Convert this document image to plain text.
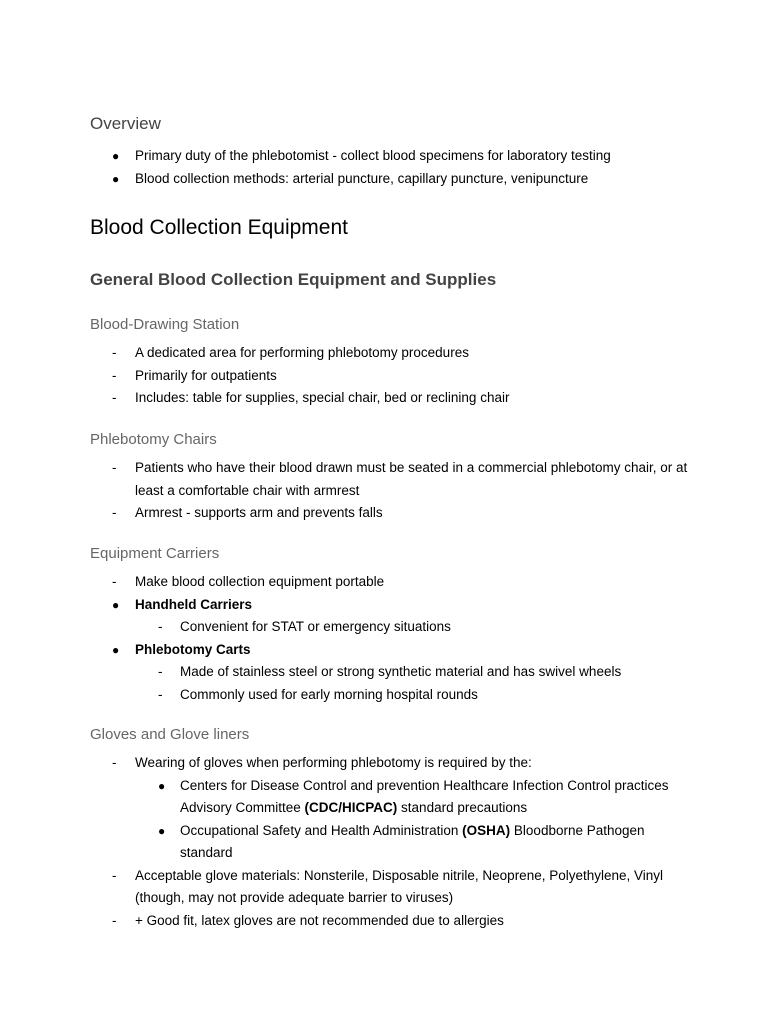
Overview
● Primary duty of the phlebotomist - collect blood specimens for laboratory testing
● Blood collection methods: arterial puncture, capillary puncture, venipuncture
Blood Collection Equipment
General Blood Collection Equipment and Supplies
Blood-Drawing Station
- A dedicated area for performing phlebotomy procedures
- Primarily for outpatients
- Includes: table for supplies, special chair, bed or reclining chair
Phlebotomy Chairs
- Patients who have their blood drawn must be seated in a commercial phlebotomy chair, or at least a comfortable chair with armrest
- Armrest - supports arm and prevents falls
Equipment Carriers
- Make blood collection equipment portable
● Handheld Carriers
- Convenient for STAT or emergency situations
● Phlebotomy Carts
- Made of stainless steel or strong synthetic material and has swivel wheels
- Commonly used for early morning hospital rounds
Gloves and Glove liners
- Wearing of gloves when performing phlebotomy is required by the:
● Centers for Disease Control and prevention Healthcare Infection Control practices Advisory Committee (CDC/HICPAC) standard precautions
● Occupational Safety and Health Administration (OSHA) Bloodborne Pathogen standard
- Acceptable glove materials: Nonsterile, Disposable nitrile, Neoprene, Polyethylene, Vinyl (though, may not provide adequate barrier to viruses)
- + Good fit, latex gloves are not recommended due to allergies
